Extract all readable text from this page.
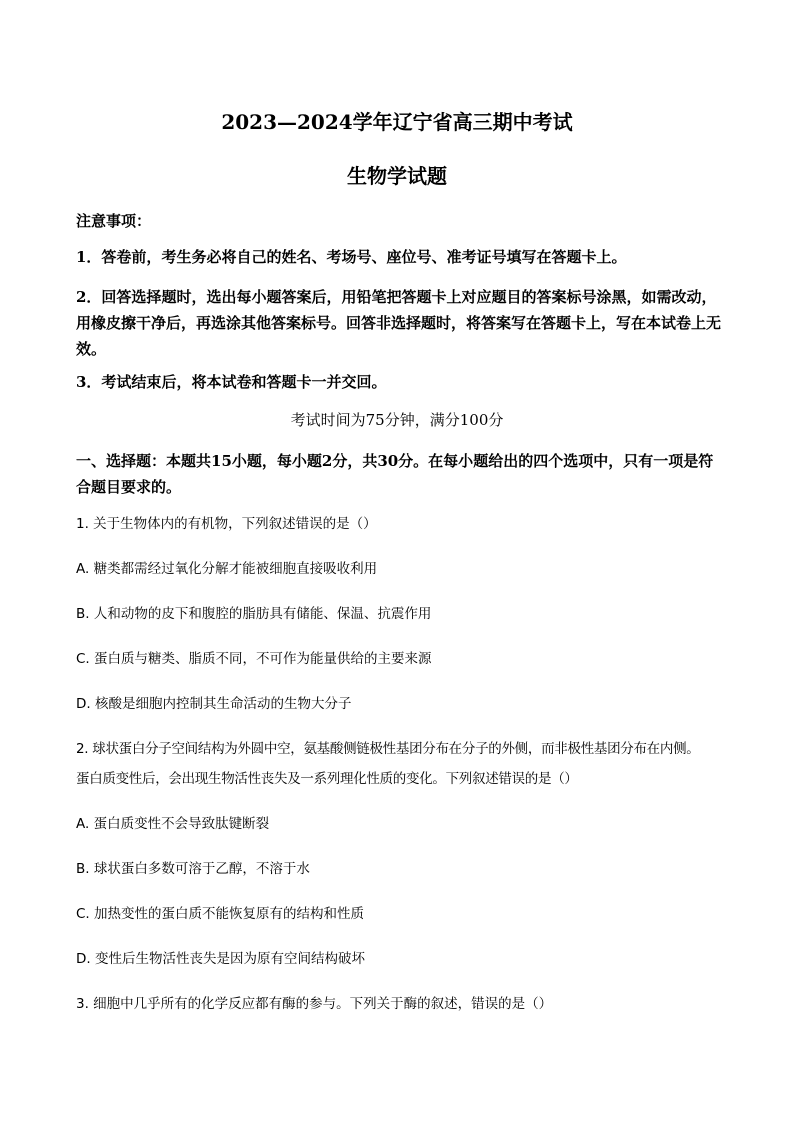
2023—2024学年辽宁省高三期中考试
生物学试题
注意事项：
1．答卷前，考生务必将自己的姓名、考场号、座位号、准考证号填写在答题卡上。
2．回答选择题时，选出每小题答案后，用铅笔把答题卡上对应题目的答案标号涂黑，如需改动，用橡皮擦干净后，再选涂其他答案标号。回答非选择题时，将答案写在答题卡上，写在本试卷上无效。
3．考试结束后，将本试卷和答题卡一并交回。
考试时间为75分钟，满分100分
一、选择题：本题共15小题，每小题2分，共30分。在每小题给出的四个选项中，只有一项是符合题目要求的。
1. 关于生物体内的有机物，下列叙述错误的是（）
A. 糖类都需经过氧化分解才能被细胞直接吸收利用
B. 人和动物的皮下和腹腔的脂肪具有储能、保温、抗震作用
C. 蛋白质与糖类、脂质不同，不可作为能量供给的主要来源
D. 核酸是细胞内控制其生命活动的生物大分子
2. 球状蛋白分子空间结构为外圆中空，氨基酸侧链极性基团分布在分子的外侧，而非极性基团分布在内侧。
蛋白质变性后，会出现生物活性丧失及一系列理化性质的变化。下列叙述错误的是（）
A. 蛋白质变性不会导致肽键断裂
B. 球状蛋白多数可溶于乙醇，不溶于水
C. 加热变性的蛋白质不能恢复原有的结构和性质
D. 变性后生物活性丧失是因为原有空间结构破坏
3. 细胞中几乎所有的化学反应都有酶的参与。下列关于酶的叙述，错误的是（）
